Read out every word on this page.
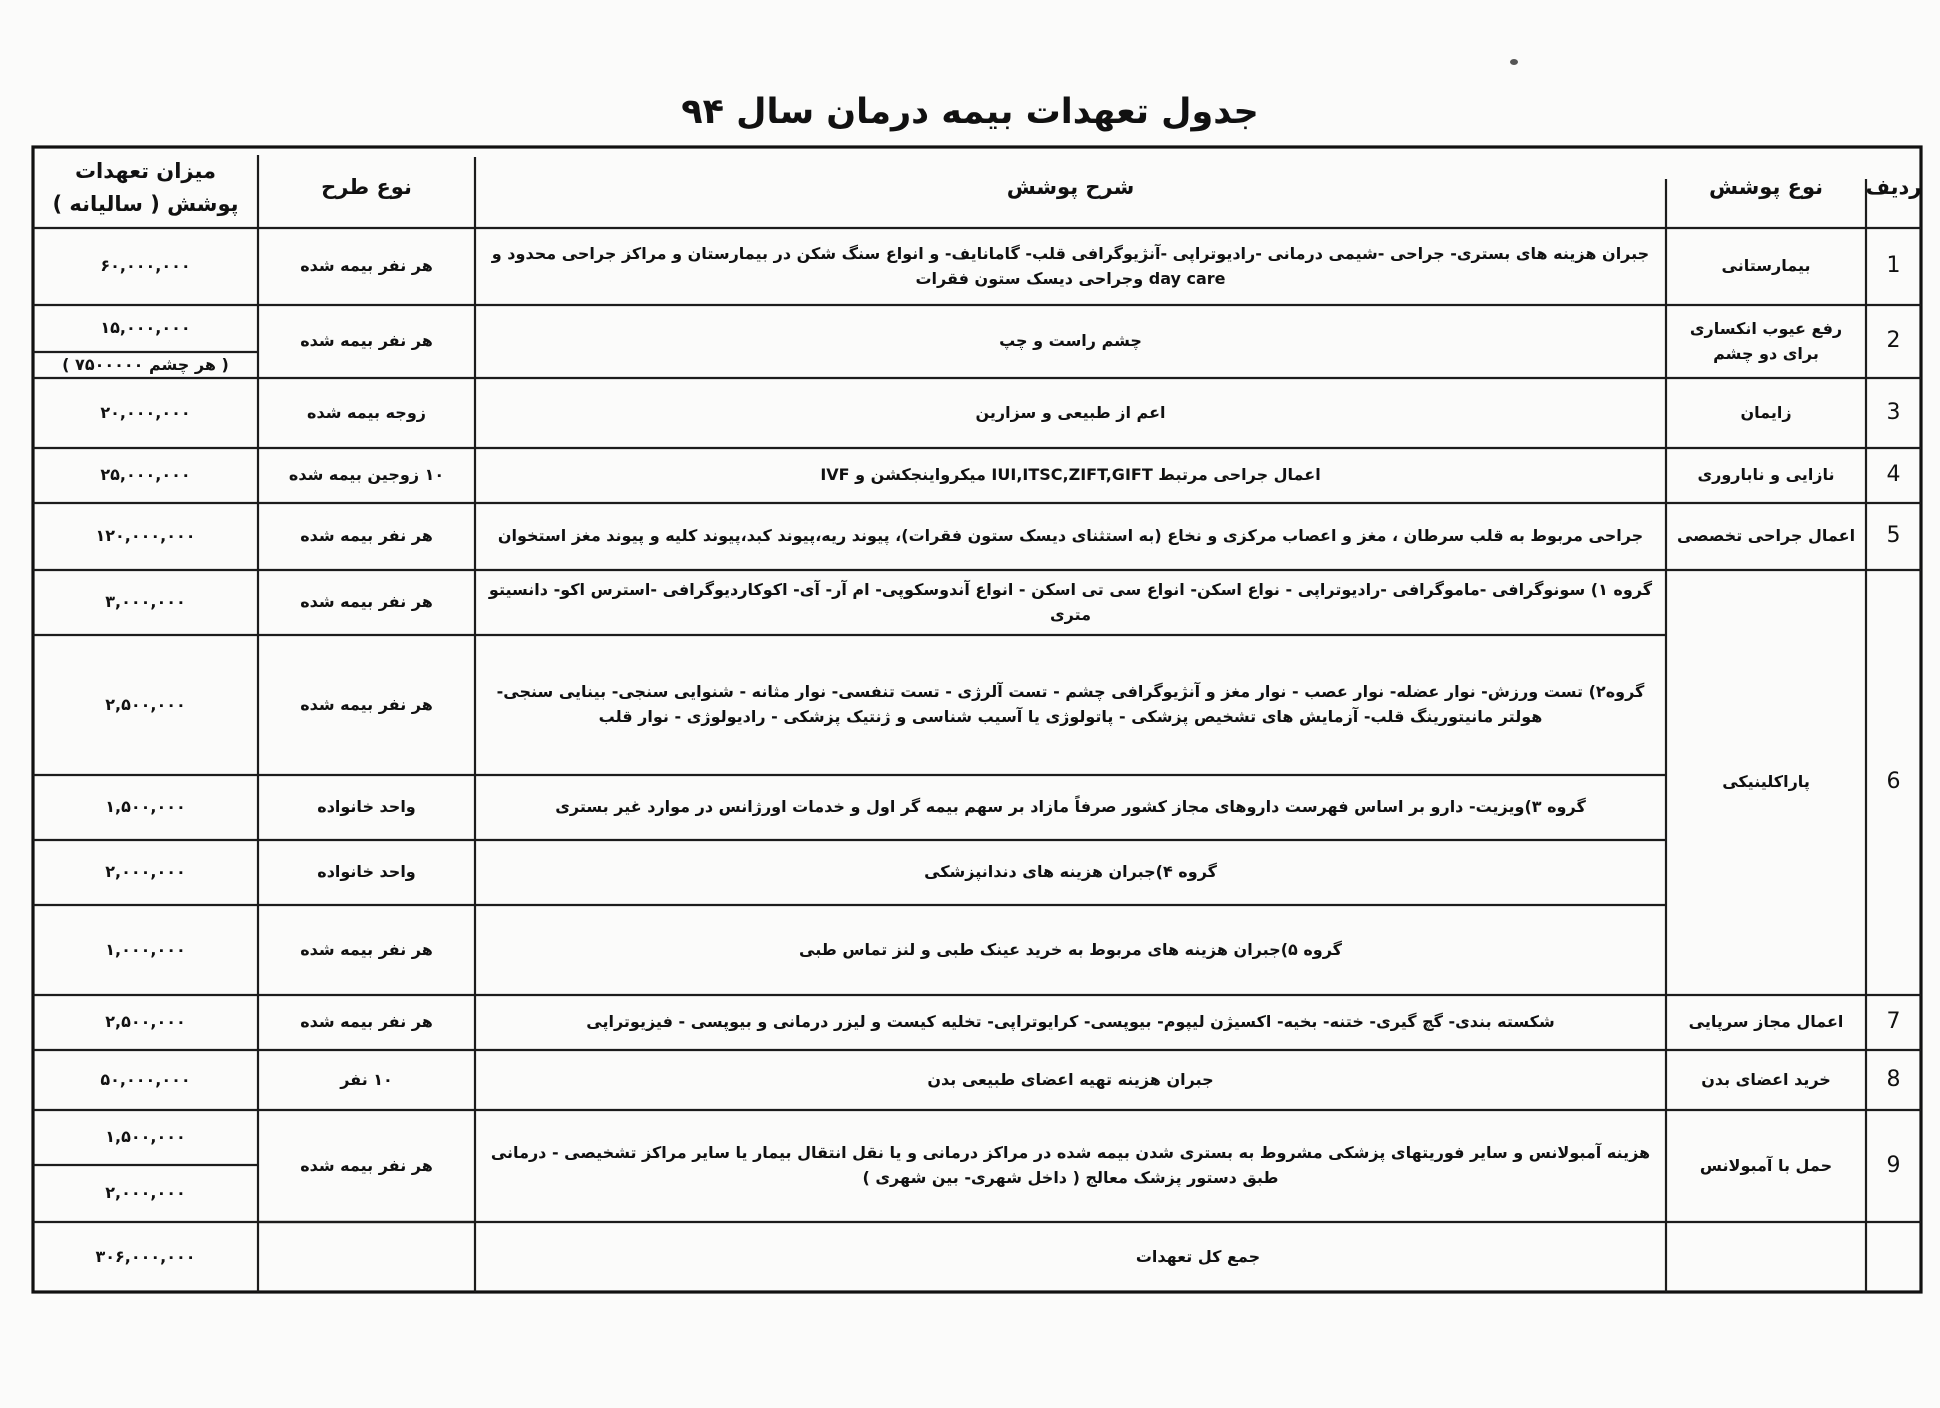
جدول تعهدات بیمه درمان سال ۹۴
ردیف
نوع پوشش
شرح پوشش
نوع طرح
میزان تعهدات پوشش ( سالیانه )
1
2
3
4
5
6
7
8
9
بیمارستانی
رفع عیوب انکساری برای دو چشم
زایمان
نازایی و ناباروری
اعمال جراحی تخصصی
پاراکلینیکی
اعمال مجاز سرپایی
خرید اعضای بدن
حمل با آمبولانس
جبران هزینه های بستری- جراحی -شیمی درمانی -رادیوتراپی -آنژیوگرافی قلب- گامانایف- و انواع سنگ شکن در بیمارستان و مراکز جراحی محدود و day care وجراحی دیسک ستون فقرات
چشم راست و چپ
اعم از طبیعی و سزارین
اعمال جراحی مرتبط IUI,ITSC,ZIFT,GIFT میکرواینجکشن و IVF
جراحی مربوط به قلب سرطان ، مغز و اعصاب مرکزی و نخاع (به استثنای دیسک ستون فقرات)، پیوند ریه،پیوند کبد،پیوند کلیه و پیوند مغز استخوان
گروه ۱) سونوگرافی -ماموگرافی -رادیوتراپی - نواع اسکن- انواع سی تی اسکن - انواع آندوسکوپی- ام آر- آی- اکوکاردیوگرافی -استرس اکو- دانسیتو متری
گروه۲) تست ورزش- نوار عضله- نوار عصب - نوار مغز و آنژیوگرافی چشم - تست آلرژی - تست تنفسی- نوار مثانه - شنوایی سنجی- بینایی سنجی- هولتر مانیتورینگ قلب- آزمایش های تشخیص پزشکی - پاتولوژی یا آسیب شناسی و ژنتیک پزشکی - رادیولوژی - نوار قلب
گروه ۳)ویزیت- دارو بر اساس فهرست داروهای مجاز کشور صرفاً مازاد بر سهم بیمه گر اول و خدمات اورژانس در موارد غیر بستری
گروه ۴)جبران هزینه های دندانپزشکی
گروه ۵)جبران هزینه های مربوط به خرید عینک طبی و لنز تماس طبی
شکسته بندی- گچ گیری- ختنه- بخیه- اکسیژن لیپوم- بیوپسی- کرایوتراپی- تخلیه کیست و لیزر درمانی و بیوپسی - فیزیوتراپی
جبران هزینه تهیه اعضای طبیعی بدن
هزینه آمبولانس و سایر فوریتهای پزشکی مشروط به بستری شدن بیمه شده در مراکز درمانی و یا نقل انتقال بیمار یا سایر مراکز تشخیصی - درمانی طبق دستور پزشک معالج ( داخل شهری- بین شهری )
جمع کل تعهدات
هر نفر بیمه شده
هر نفر بیمه شده
زوجه بیمه شده
۱۰ زوجین بیمه شده
هر نفر بیمه شده
هر نفر بیمه شده
هر نفر بیمه شده
واحد خانواده
واحد خانواده
هر نفر بیمه شده
هر نفر بیمه شده
۱۰ نفر
هر نفر بیمه شده
۶۰,۰۰۰,۰۰۰
۱۵,۰۰۰,۰۰۰
( هر چشم ۷۵۰۰۰۰۰ )
۲۰,۰۰۰,۰۰۰
۲۵,۰۰۰,۰۰۰
۱۲۰,۰۰۰,۰۰۰
۳,۰۰۰,۰۰۰
۲,۵۰۰,۰۰۰
۱,۵۰۰,۰۰۰
۲,۰۰۰,۰۰۰
۱,۰۰۰,۰۰۰
۲,۵۰۰,۰۰۰
۵۰,۰۰۰,۰۰۰
۱,۵۰۰,۰۰۰
۲,۰۰۰,۰۰۰
۳۰۶,۰۰۰,۰۰۰
